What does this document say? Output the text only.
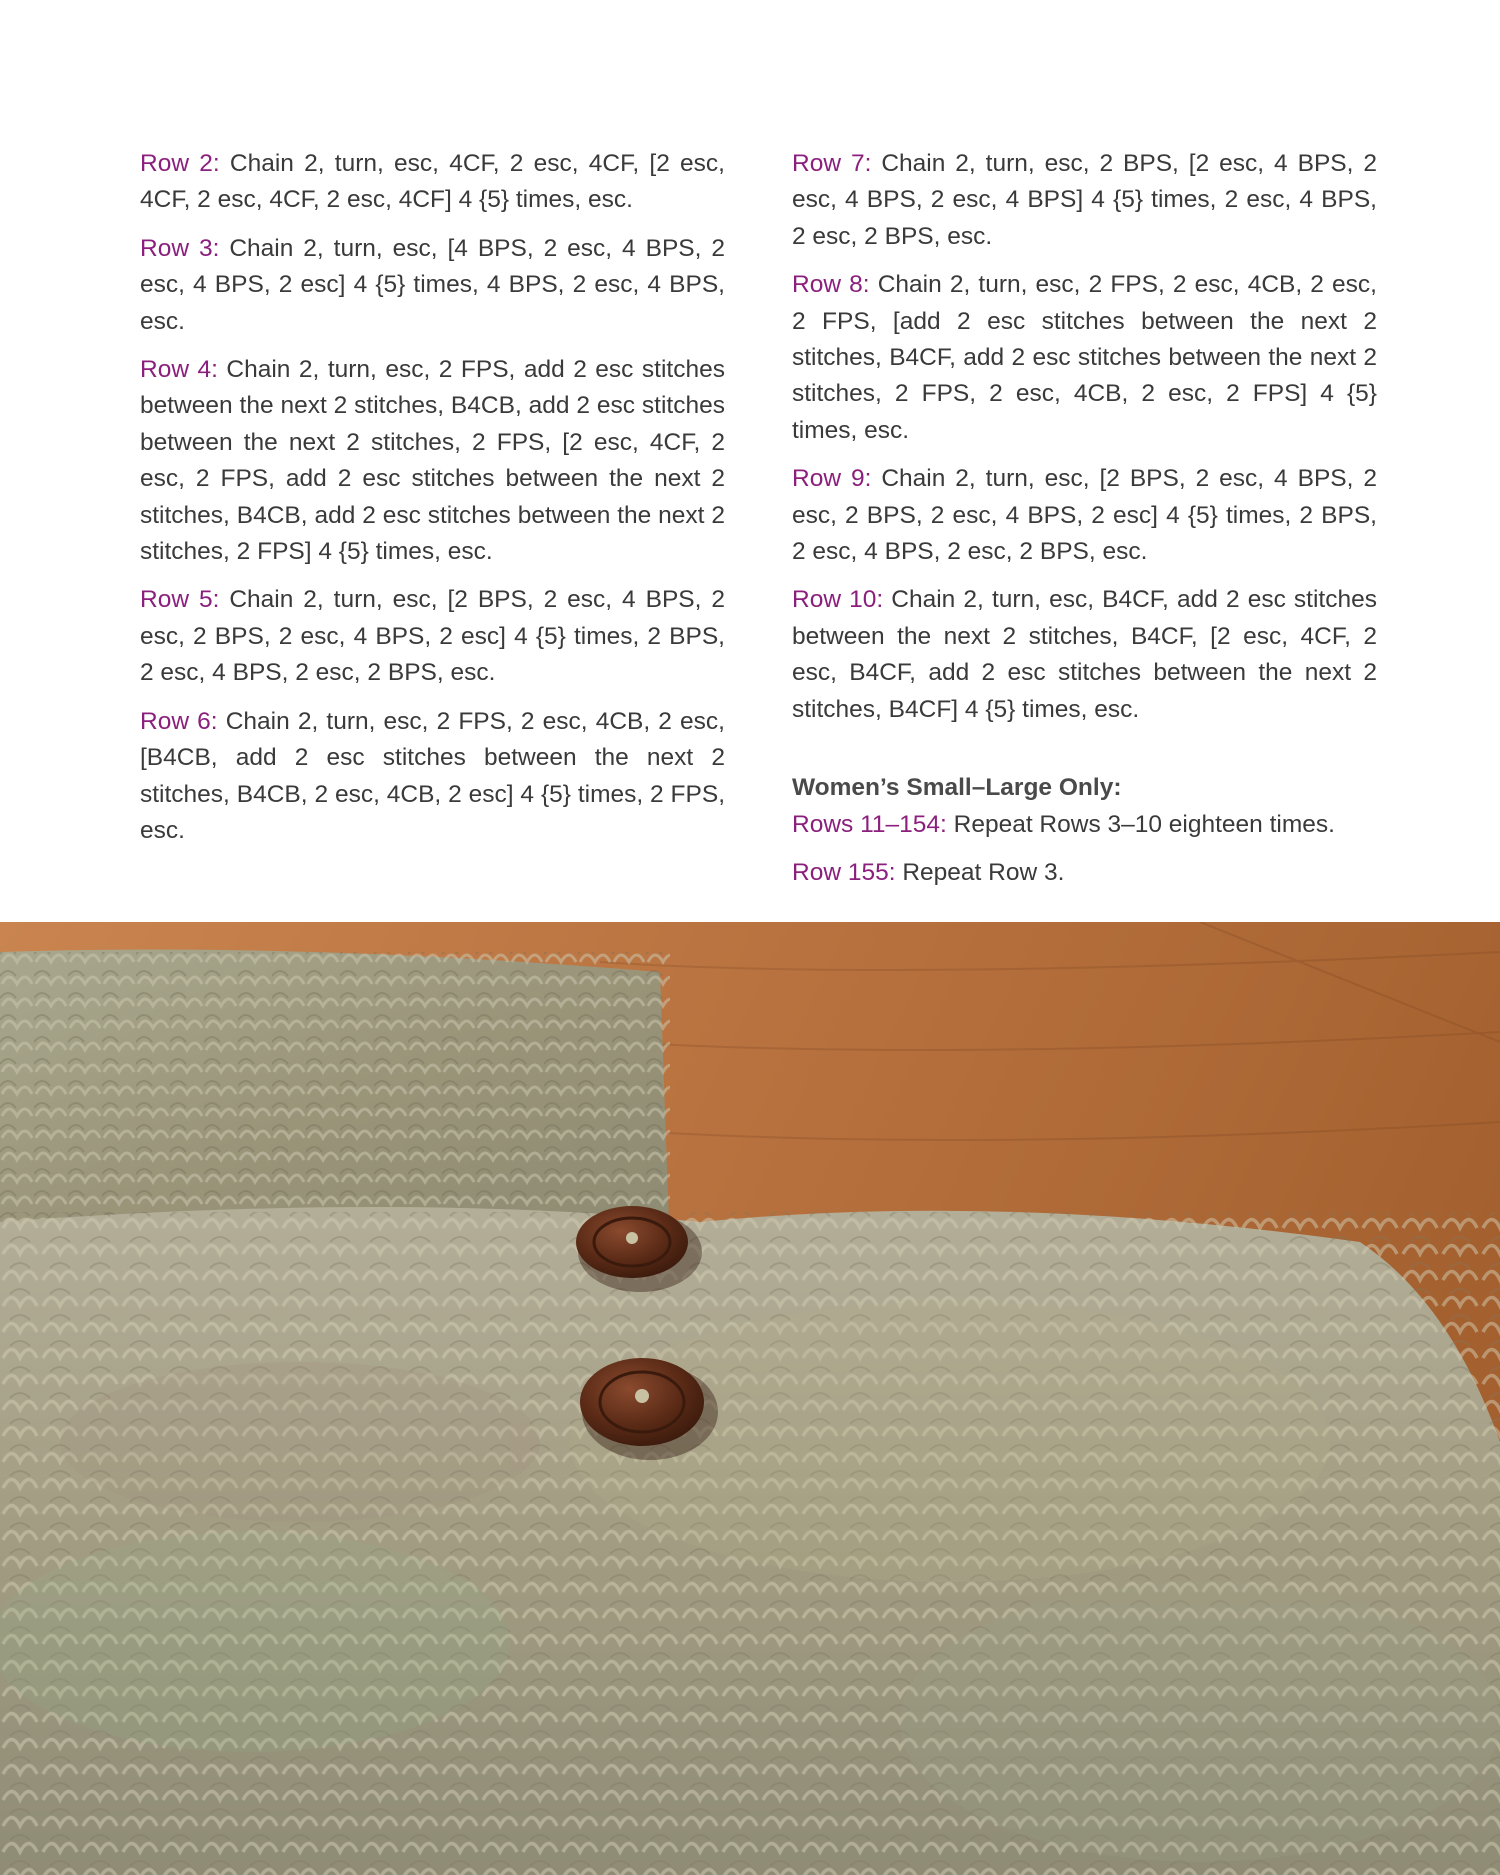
Row 2: Chain 2, turn, esc, 4CF, 2 esc, 4CF, [2 esc, 4CF, 2 esc, 4CF, 2 esc, 4CF] 4 {5} times, esc.

Row 3: Chain 2, turn, esc, [4 BPS, 2 esc, 4 BPS, 2 esc, 4 BPS, 2 esc] 4 {5} times, 4 BPS, 2 esc, 4 BPS, esc.

Row 4: Chain 2, turn, esc, 2 FPS, add 2 esc stitches between the next 2 stitches, B4CB, add 2 esc stitches between the next 2 stitches, 2 FPS, [2 esc, 4CF, 2 esc, 2 FPS, add 2 esc stitches between the next 2 stitches, B4CB, add 2 esc stitches between the next 2 stitches, 2 FPS] 4 {5} times, esc.

Row 5: Chain 2, turn, esc, [2 BPS, 2 esc, 4 BPS, 2 esc, 2 BPS, 2 esc, 4 BPS, 2 esc] 4 {5} times, 2 BPS, 2 esc, 4 BPS, 2 esc, 2 BPS, esc.

Row 6: Chain 2, turn, esc, 2 FPS, 2 esc, 4CB, 2 esc, [B4CB, add 2 esc stitches between the next 2 stitches, B4CB, 2 esc, 4CB, 2 esc] 4 {5} times, 2 FPS, esc.

Row 7: Chain 2, turn, esc, 2 BPS, [2 esc, 4 BPS, 2 esc, 4 BPS, 2 esc, 4 BPS] 4 {5} times, 2 esc, 4 BPS, 2 esc, 2 BPS, esc.

Row 8: Chain 2, turn, esc, 2 FPS, 2 esc, 4CB, 2 esc, 2 FPS, [add 2 esc stitches between the next 2 stitches, B4CF, add 2 esc stitches between the next 2 stitches, 2 FPS, 2 esc, 4CB, 2 esc, 2 FPS] 4 {5} times, esc.

Row 9: Chain 2, turn, esc, [2 BPS, 2 esc, 4 BPS, 2 esc, 2 BPS, 2 esc, 4 BPS, 2 esc] 4 {5} times, 2 BPS, 2 esc, 4 BPS, 2 esc, 2 BPS, esc.

Row 10: Chain 2, turn, esc, B4CF, add 2 esc stitches between the next 2 stitches, B4CF, [2 esc, 4CF, 2 esc, B4CF, add 2 esc stitches between the next 2 stitches, B4CF] 4 {5} times, esc.

Women’s Small–Large Only:

Rows 11–154: Repeat Rows 3–10 eighteen times.

Row 155: Repeat Row 3.
